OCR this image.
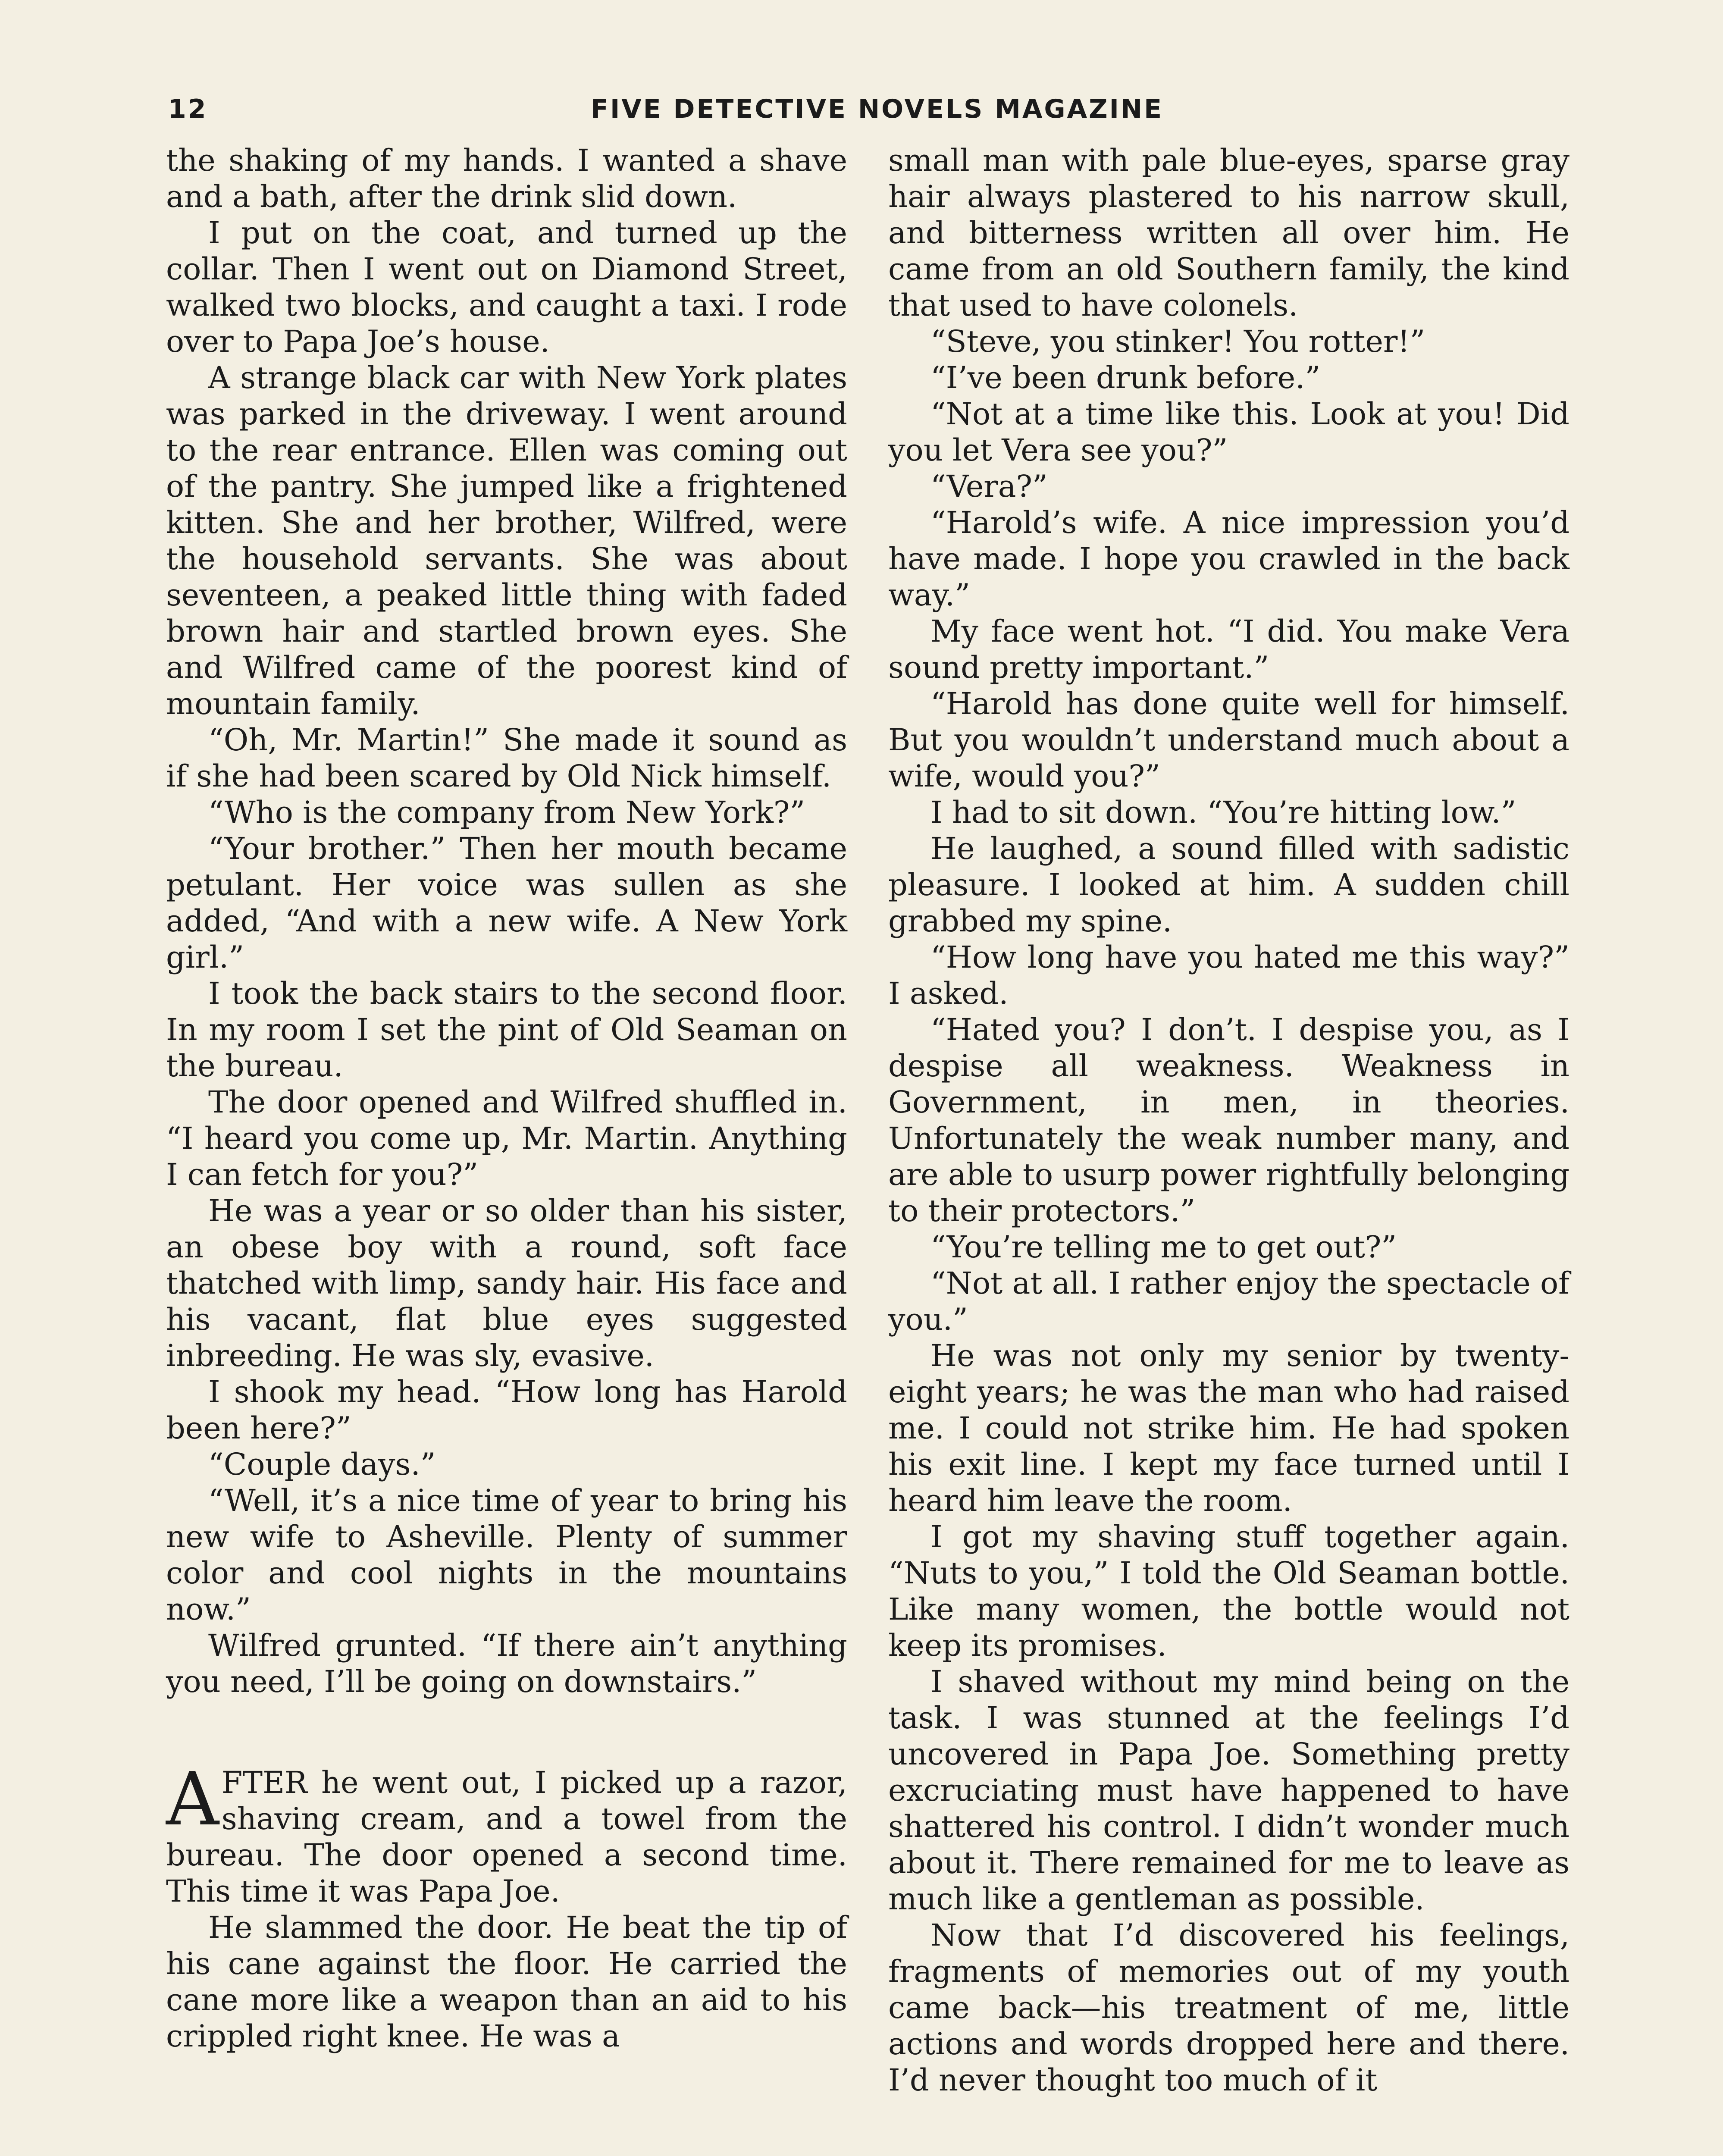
12	FIVE DETECTIVE NOVELS MAGAZINE

the shaking of my hands. I wanted a shave and a bath, after the drink slid down.

I put on the coat, and turned up the collar. Then I went out on Diamond Street, walked two blocks, and caught a taxi. I rode over to Papa Joe’s house.

A strange black car with New York plates was parked in the driveway. I went around to the rear entrance. Ellen was coming out of the pantry. She jumped like a frightened kitten. She and her brother, Wilfred, were the household servants. She was about seventeen, a peaked little thing with faded brown hair and startled brown eyes. She and Wilfred came of the poorest kind of mountain family.

“Oh, Mr. Martin!” She made it sound as if she had been scared by Old Nick himself.

“Who is the company from New York?”

“Your brother.” Then her mouth became petulant. Her voice was sullen as she added, “And with a new wife. A New York girl.”

I took the back stairs to the second floor. In my room I set the pint of Old Seaman on the bureau.

The door opened and Wilfred shuffled in. “I heard you come up, Mr. Martin. Anything I can fetch for you?”

He was a year or so older than his sister, an obese boy with a round, soft face thatched with limp, sandy hair. His face and his vacant, flat blue eyes suggested inbreeding. He was sly, evasive.

I shook my head. “How long has Harold been here?”

“Couple days.”

“Well, it’s a nice time of year to bring his new wife to Asheville. Plenty of summer color and cool nights in the mountains now.”

Wilfred grunted. “If there ain’t anything you need, I’ll be going on downstairs.”

AFTER he went out, I picked up a razor, shaving cream, and a towel from the bureau. The door opened a second time. This time it was Papa Joe.

He slammed the door. He beat the tip of his cane against the floor. He carried the cane more like a weapon than an aid to his crippled right knee. He was a

small man with pale blue-eyes, sparse gray hair always plastered to his narrow skull, and bitterness written all over him. He came from an old Southern family, the kind that used to have colonels.

“Steve, you stinker! You rotter!”

“I’ve been drunk before.”

“Not at a time like this. Look at you! Did you let Vera see you?”

“Vera?”

“Harold’s wife. A nice impression you’d have made. I hope you crawled in the back way.”

My face went hot. “I did. You make Vera sound pretty important.”

“Harold has done quite well for himself. But you wouldn’t understand much about a wife, would you?”

I had to sit down. “You’re hitting low.”

He laughed, a sound filled with sadistic pleasure. I looked at him. A sudden chill grabbed my spine.

“How long have you hated me this way?” I asked.

“Hated you? I don’t. I despise you, as I despise all weakness. Weakness in Government, in men, in theories. Unfortunately the weak number many, and are able to usurp power rightfully belonging to their protectors.”

“You’re telling me to get out?”

“Not at all. I rather enjoy the spectacle of you.”

He was not only my senior by twenty-eight years; he was the man who had raised me. I could not strike him. He had spoken his exit line. I kept my face turned until I heard him leave the room.

I got my shaving stuff together again. “Nuts to you,” I told the Old Seaman bottle. Like many women, the bottle would not keep its promises.

I shaved without my mind being on the task. I was stunned at the feelings I’d uncovered in Papa Joe. Something pretty excruciating must have happened to have shattered his control. I didn’t wonder much about it. There remained for me to leave as much like a gentleman as possible.

Now that I’d discovered his feelings, fragments of memories out of my youth came back—his treatment of me, little actions and words dropped here and there. I’d never thought too much of it
